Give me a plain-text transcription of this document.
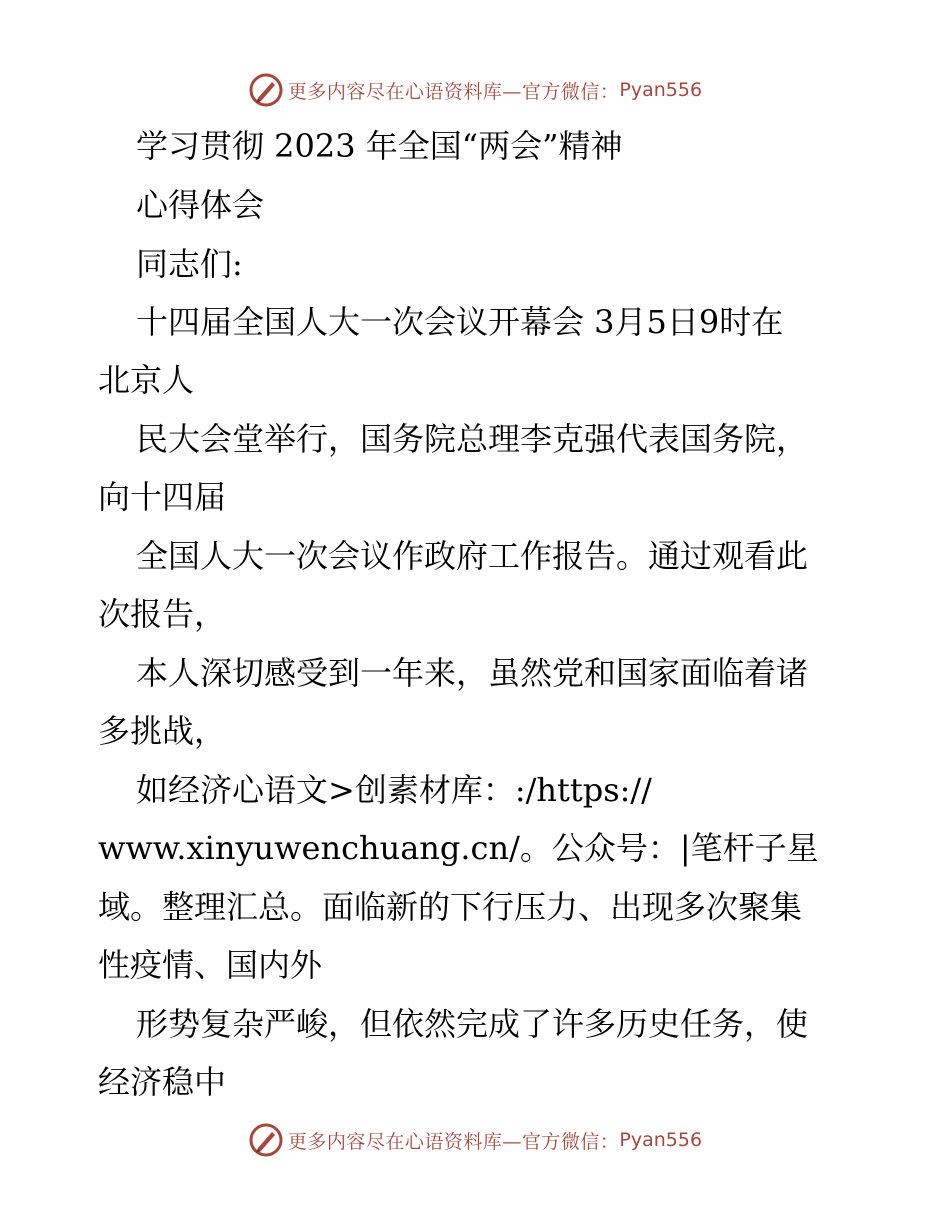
更多内容尽在心语资料库—官方微信： Pyan556
学习贯彻 2023 年全国“两会”精神
心得体会
同志们:
十四届全国人大一次会议开幕会 3月5日9时在
北京人
民大会堂举行，国务院总理李克强代表国务院，
向十四届
全国人大一次会议作政府工作报告。通过观看此
次报告，
本人深切感受到一年来，虽然党和国家面临着诸
多挑战，
如经济心语文>创素材库：:/https://
www.xinyuwenchuang.cn/。公众号：|笔杆子星
域。整理汇总。面临新的下行压力、出现多次聚集
性疫情、国内外
形势复杂严峻，但依然完成了许多历史任务，使
经济稳中
更多内容尽在心语资料库—官方微信： Pyan556
